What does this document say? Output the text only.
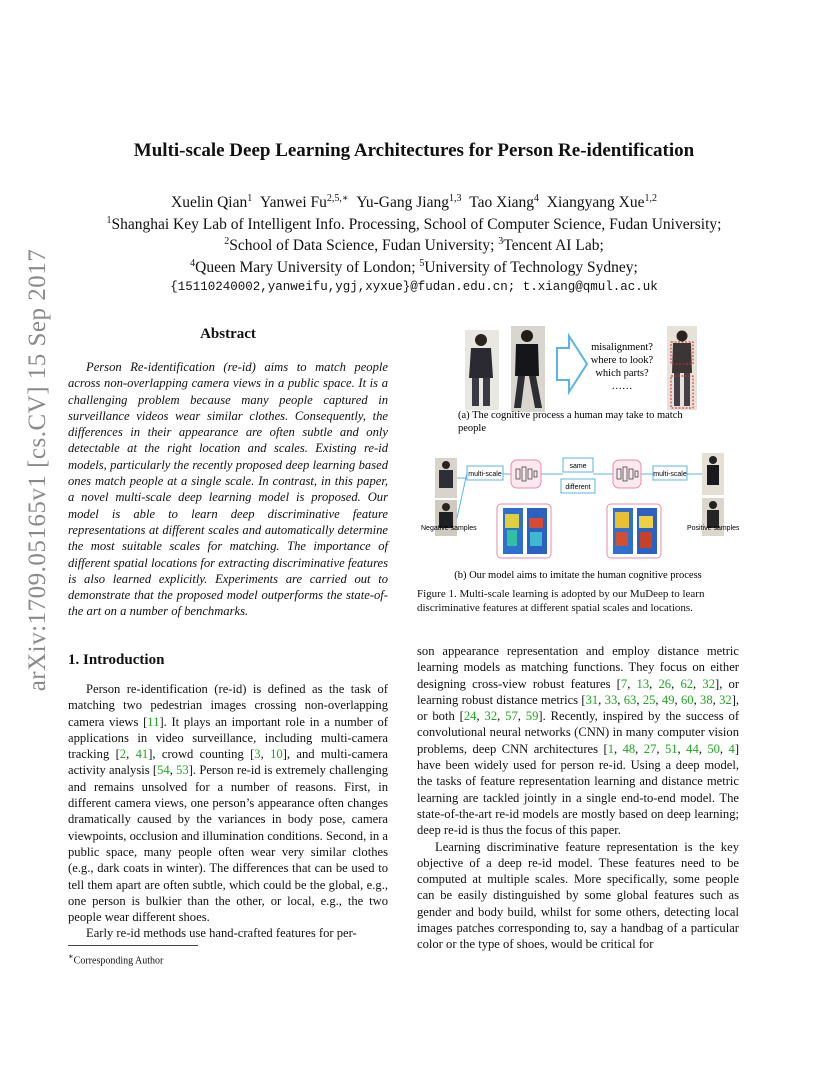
arXiv:1709.05165v1 [cs.CV] 15 Sep 2017
Multi-scale Deep Learning Architectures for Person Re-identification
Xuelin Qian$^1$ Yanwei $Fu^{2,5,∗}$ Yu-Gang Jiang$^{1,3}$ Tao Xiang$^4$ Xiangyang Xue$^{1,2}$
$^1$Shanghai Key Lab of Intelligent Info. Processing, School of Computer Science, Fudan University;
$^2$School of Data Science, Fudan University; $^3$Tencent AI Lab;
$^4$Queen Mary University of London; $^5$University of Technology Sydney;
{15110240002,yanweifu,ygj,xyxue}@fudan.edu.cn; t.xiang@qmul.ac.uk
Abstract
Person Re-identification (re-id) aims to match people across non-overlapping camera views in a public space. It is a challenging problem because many people captured in surveillance videos wear similar clothes. Consequently, the differences in their appearance are often subtle and only detectable at the right location and scales. Existing re-id models, particularly the recently proposed deep learning based ones match people at a single scale. In contrast, in this paper, a novel multi-scale deep learning model is proposed. Our model is able to learn deep discriminative feature representations at different scales and automatically determine the most suitable scales for matching. The importance of different spatial locations for extracting discriminative features is also learned explicitly. Experiments are carried out to demonstrate that the proposed model outperforms the state-of-the art on a number of benchmarks.
1. Introduction

Person re-identification (re-id) is defined as the task of matching two pedestrian images crossing non-overlapping camera views [11]. It plays an important role in a number of applications in video surveillance, including multi-camera tracking [2, 41], crowd counting [3, 10], and multi-camera activity analysis [54, 53]. Person re-id is extremely challenging and remains unsolved for a number of reasons. First, in different camera views, one person’s appearance often changes dramatically caused by the variances in body pose, camera viewpoints, occlusion and illumination conditions. Second, in a public space, many people often wear very similar clothes (e.g., dark coats in winter). The differences that can be used to tell them apart are often subtle, which could be the global, e.g., one person is bulkier than the other, or local, e.g., the two people wear different shoes.

Early re-id methods use hand-crafted features for per-

∗Corresponding Author
misalignment?
where to look?
which parts?
……
(a) The cognitive process a human may take to match
people
multi-scale	multi-scale
same
different
Negative samples	Positive samples
(b) Our model aims to imitate the human cognitive process
Figure 1. Multi-scale learning is adopted by our MuDeep to learn discriminative features at different spatial scales and locations.

son appearance representation and employ distance metric learning models as matching functions. They focus on either designing cross-view robust features [7, 13, 26, 62, 32], or learning robust distance metrics [31, 33, 63, 25, 49, 60, 38, 32], or both [24, 32, 57, 59]. Recently, inspired by the success of convolutional neural networks (CNN) in many computer vision problems, deep CNN architectures [1, 48, 27, 51, 44, 50, 4] have been widely used for person re-id. Using a deep model, the tasks of feature representation learning and distance metric learning are tackled jointly in a single end-to-end model. The state-of-the-art re-id models are mostly based on deep learning; deep re-id is thus the focus of this paper.

Learning discriminative feature representation is the key objective of a deep re-id model. These features need to be computed at multiple scales. More specifically, some people can be easily distinguished by some global features such as gender and body build, whilst for some others, detecting local images patches corresponding to, say a handbag of a particular color or the type of shoes, would be critical for
